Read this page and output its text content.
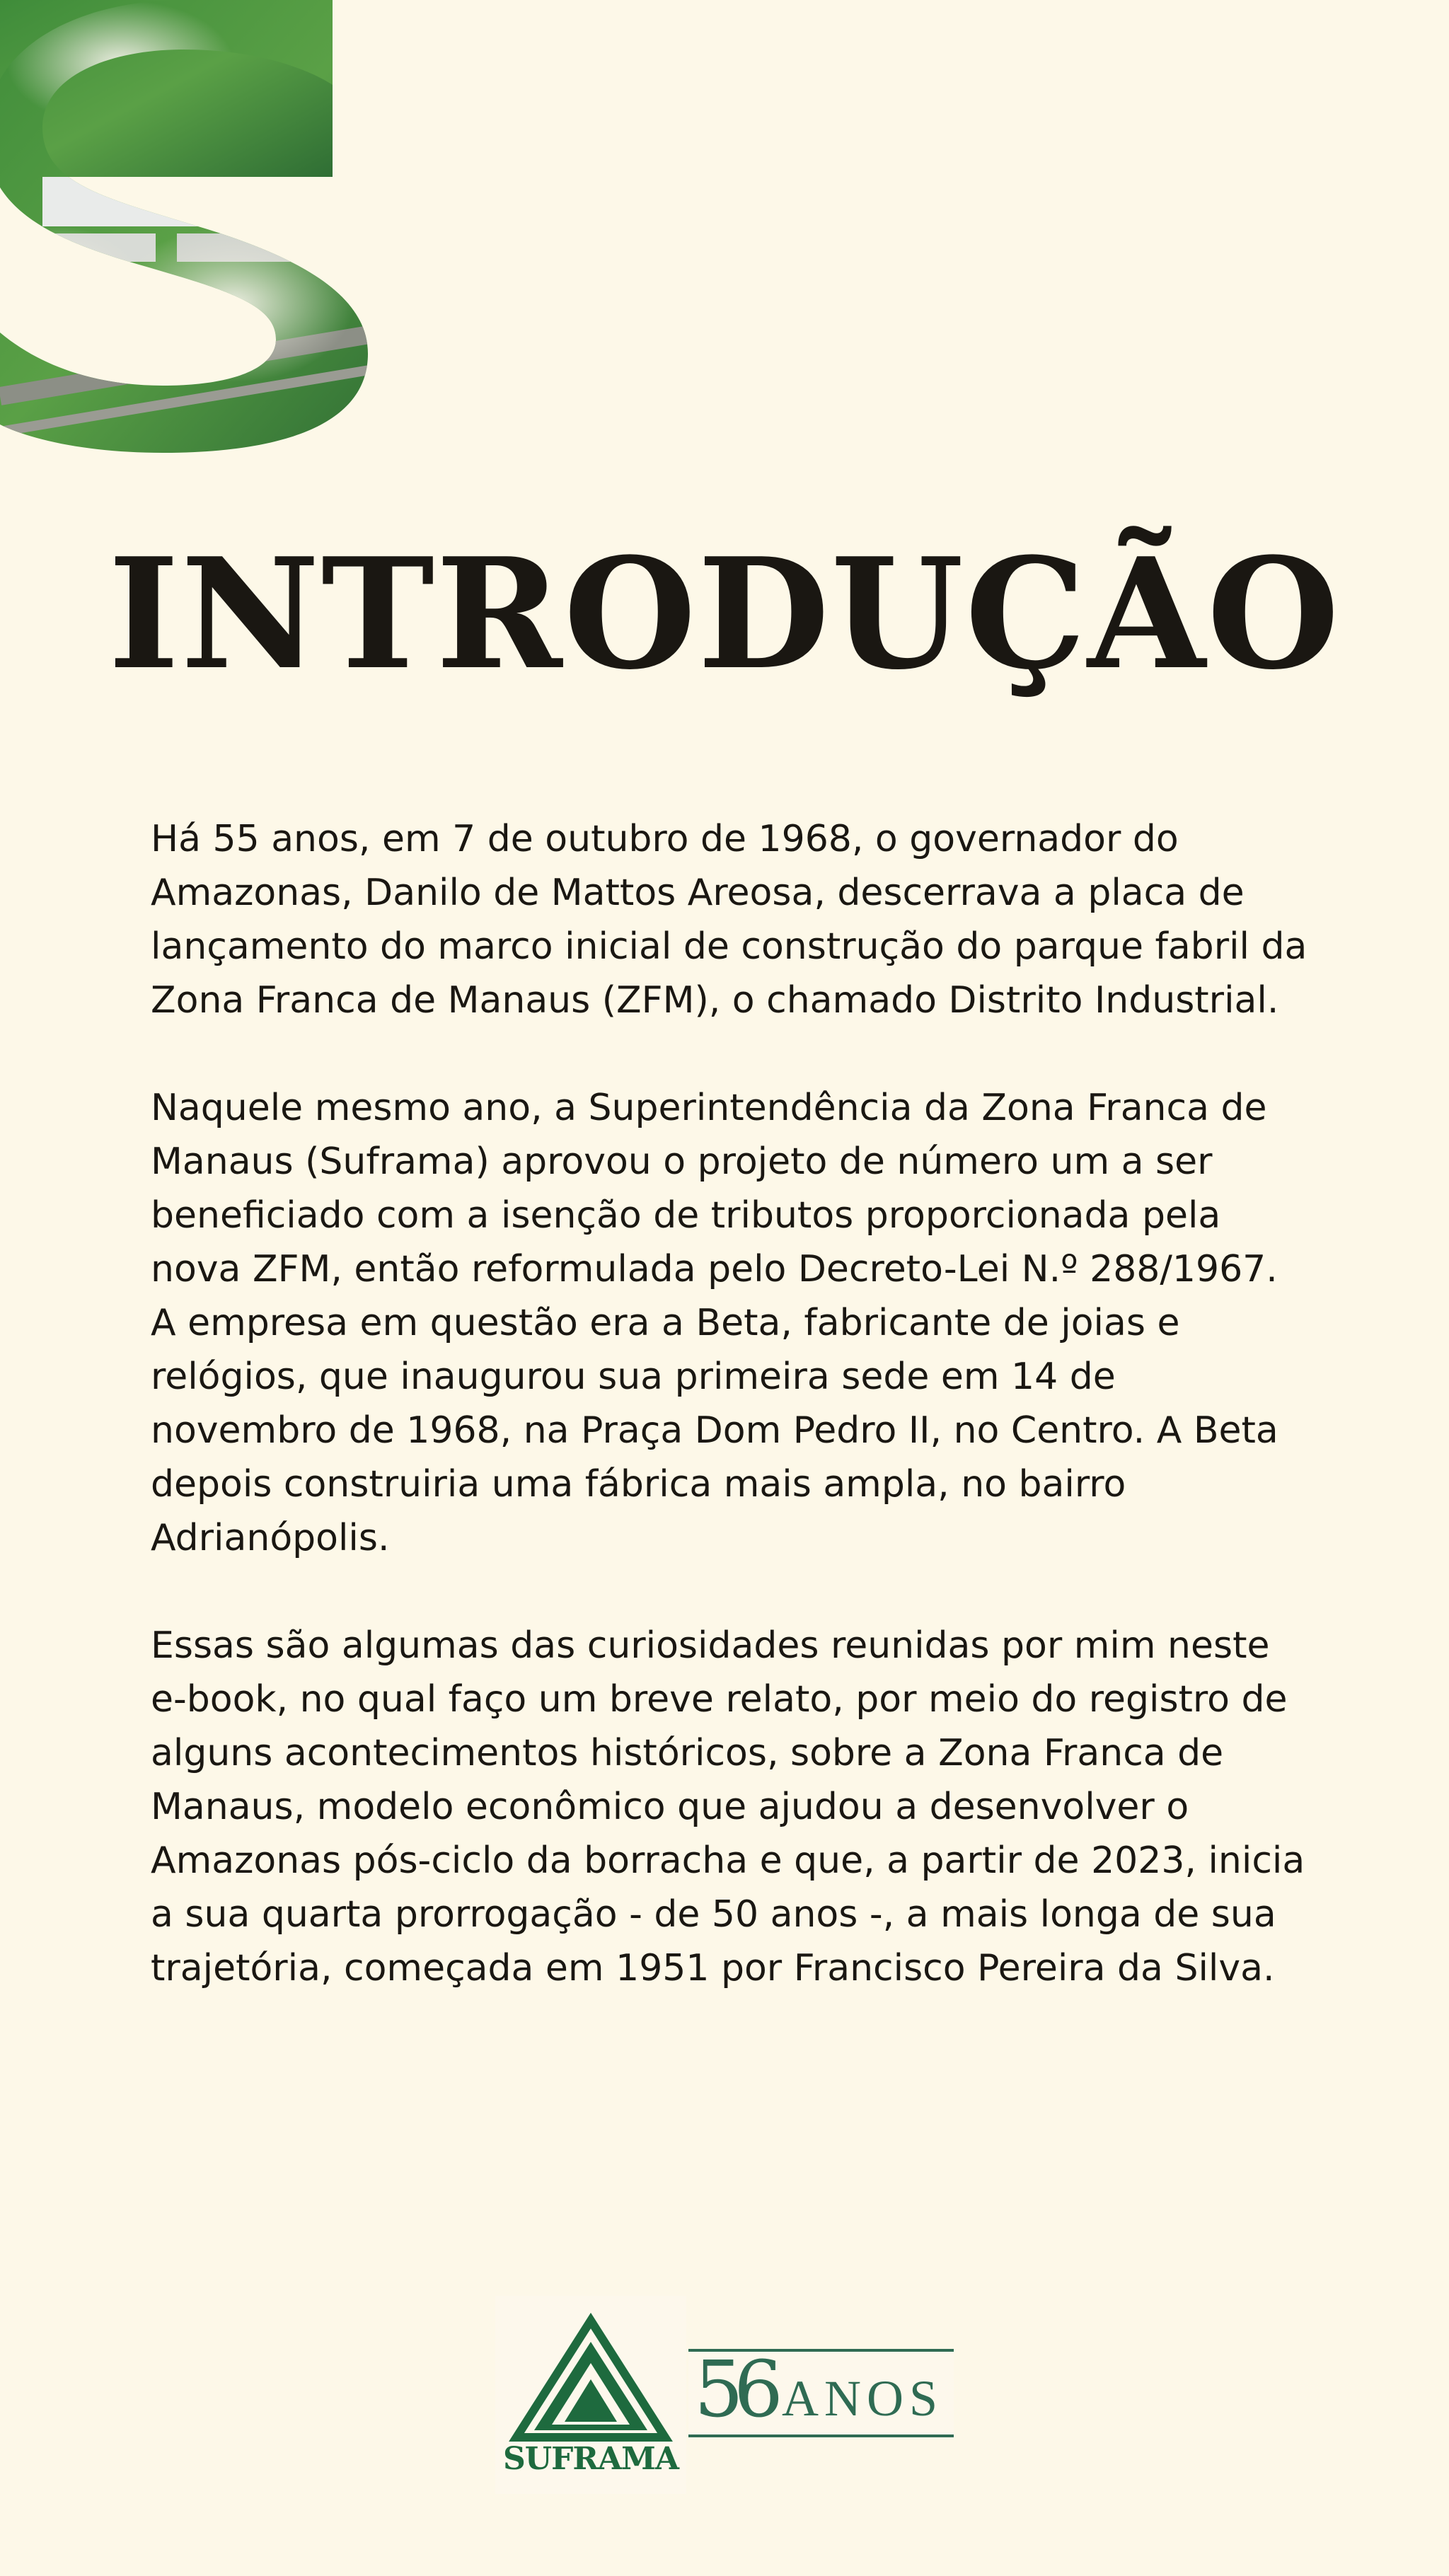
INTRODUÇÃO

Há 55 anos, em 7 de outubro de 1968, o governador do Amazonas, Danilo de Mattos Areosa, descerrava a placa de lançamento do marco inicial de construção do parque fabril da Zona Franca de Manaus (ZFM), o chamado Distrito Industrial.

Naquele mesmo ano, a Superintendência da Zona Franca de Manaus (Suframa) aprovou o projeto de número um a ser beneficiado com a isenção de tributos proporcionada pela nova ZFM, então reformulada pelo Decreto-Lei N.º 288/1967. A empresa em questão era a Beta, fabricante de joias e relógios, que inaugurou sua primeira sede em 14 de novembro de 1968, na Praça Dom Pedro II, no Centro. A Beta depois construiria uma fábrica mais ampla, no bairro Adrianópolis.

Essas são algumas das curiosidades reunidas por mim neste e-book, no qual faço um breve relato, por meio do registro de alguns acontecimentos históricos, sobre a Zona Franca de Manaus, modelo econômico que ajudou a desenvolver o Amazonas pós-ciclo da borracha e que, a partir de 2023, inicia a sua quarta prorrogação - de 50 anos -, a mais longa de sua trajetória, começada em 1951 por Francisco Pereira da Silva.

SUFRAMA
56 ANOS
